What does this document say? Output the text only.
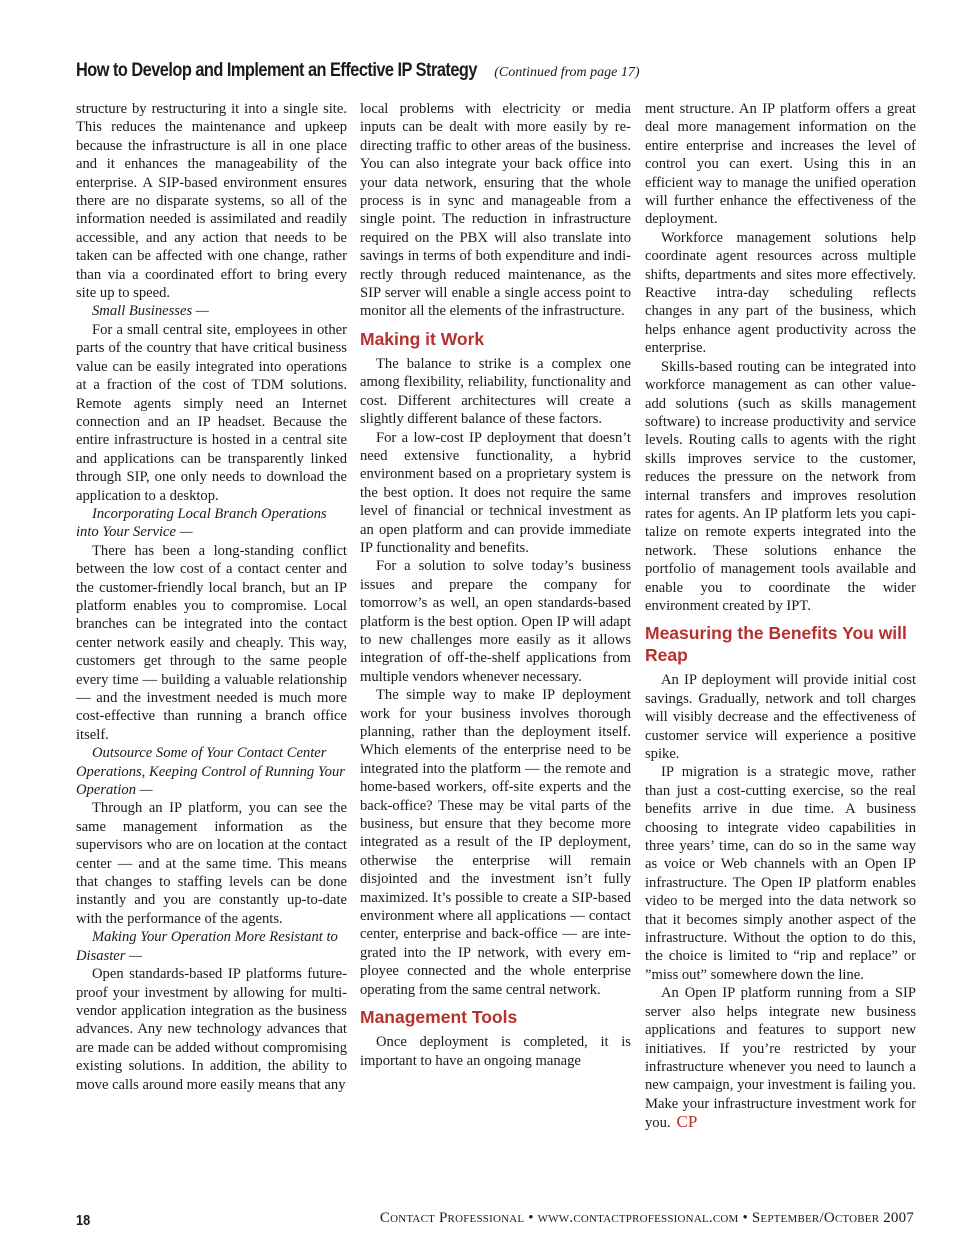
How to Develop and Implement an Effective IP Strategy (Continued from page 17)

structure by restructuring it into a single site. This reduces the maintenance and upkeep because the infrastructure is all in one place and it enhances the manageability of the enterprise. A SIP-based environment ensures there are no disparate systems, so all of the information needed is assimilated and readily accessible, and any action that needs to be taken can be affected with one change, rather than via a coordinated effort to bring every site up to speed.

Small Businesses —

For a small central site, employees in other parts of the country that have critical business value can be easily integrated into operations at a fraction of the cost of TDM solutions. Remote agents simply need an Internet connection and an IP headset. Because the entire infrastructure is hosted in a central site and applications can be transparently linked through SIP, one only needs to download the application to a desktop.

Incorporating Local Branch Operations into Your Service —

There has been a long-standing conflict between the low cost of a contact center and the customer-friendly local branch, but an IP platform enables you to compromise. Local branches can be integrated into the contact center network easily and cheaply. This way, customers get through to the same people every time — building a valuable relationship — and the investment needed is much more cost-effective than running a branch office itself.

Outsource Some of Your Contact Center Operations, Keeping Control of Running Your Operation —

Through an IP platform, you can see the same management information as the supervisors who are on location at the contact center — and at the same time. This means that changes to staffing levels can be done instantly and you are constantly up-to-date with the performance of the agents.

Making Your Operation More Resistant to Disaster —

Open standards-based IP platforms future-proof your investment by allowing for multi-vendor application integration as the business advances. Any new technology advances that are made can be added without compromising existing solutions. In addition, the ability to move calls around more easily means that any

local problems with electricity or media inputs can be dealt with more easily by re-directing traffic to other areas of the business. You can also integrate your back office into your data network, ensuring that the whole process is in sync and manageable from a single point. The reduction in infrastructure required on the PBX will also translate into savings in terms of both expenditure and indirectly through reduced maintenance, as the SIP server will enable a single access point to monitor all the elements of the infrastructure.

Making it Work

The balance to strike is a complex one among flexibility, reliability, functionality and cost. Different architectures will create a slightly different balance of these factors.

For a low-cost IP deployment that doesn’t need extensive functionality, a hybrid environment based on a proprietary system is the best option. It does not require the same level of financial or technical investment as an open platform and can provide immediate IP functionality and benefits.

For a solution to solve today’s business issues and prepare the company for tomorrow’s as well, an open standards-based platform is the best option. Open IP will adapt to new challenges more easily as it allows integration of off-the-shelf applications from multiple vendors whenever necessary.

The simple way to make IP deployment work for your business involves thorough planning, rather than the deployment itself. Which elements of the enterprise need to be integrated into the platform — the remote and home-based workers, off-site experts and the back-office? These may be vital parts of the business, but ensure that they become more integrated as a result of the IP deployment, otherwise the enterprise will remain disjointed and the investment isn’t fully maximized. It’s possible to create a SIP-based environment where all applications — contact center, enterprise and back-office — are integrated into the IP network, with every employee connected and the whole enterprise operating from the same central network.

Management Tools

Once deployment is completed, it is important to have an ongoing manage

ment structure. An IP platform offers a great deal more management information on the entire enterprise and increases the level of control you can exert. Using this in an efficient way to manage the unified operation will further enhance the effectiveness of the deployment.

Workforce management solutions help coordinate agent resources across multiple shifts, departments and sites more effectively. Reactive intra-day scheduling reflects changes in any part of the business, which helps enhance agent productivity across the enterprise.

Skills-based routing can be integrated into workforce management as can other value-add solutions (such as skills management software) to increase productivity and service levels. Routing calls to agents with the right skills improves service to the customer, reduces the pressure on the network from internal transfers and improves resolution rates for agents. An IP platform lets you capitalize on remote experts integrated into the network. These solutions enhance the portfolio of management tools available and enable you to coordinate the wider environment created by IPT.

Measuring the Benefits You will Reap

An IP deployment will provide initial cost savings. Gradually, network and toll charges will visibly decrease and the effectiveness of customer service will experience a positive spike.

IP migration is a strategic move, rather than just a cost-cutting exercise, so the real benefits arrive in due time. A business choosing to integrate video capabilities in three years’ time, can do so in the same way as voice or Web channels with an Open IP infrastructure. The Open IP platform enables video to be merged into the data network so that it becomes simply another aspect of the infrastructure. Without the option to do this, the choice is limited to “rip and replace” or ”miss out” somewhere down the line.

An Open IP platform running from a SIP server also helps integrate new business applications and features to support new initiatives. If you’re restricted by your infrastructure whenever you need to launch a new campaign, your investment is failing you. Make your infrastructure investment work for you. CP

18	Contact Professional • www.contactprofessional.com • September/October 2007
